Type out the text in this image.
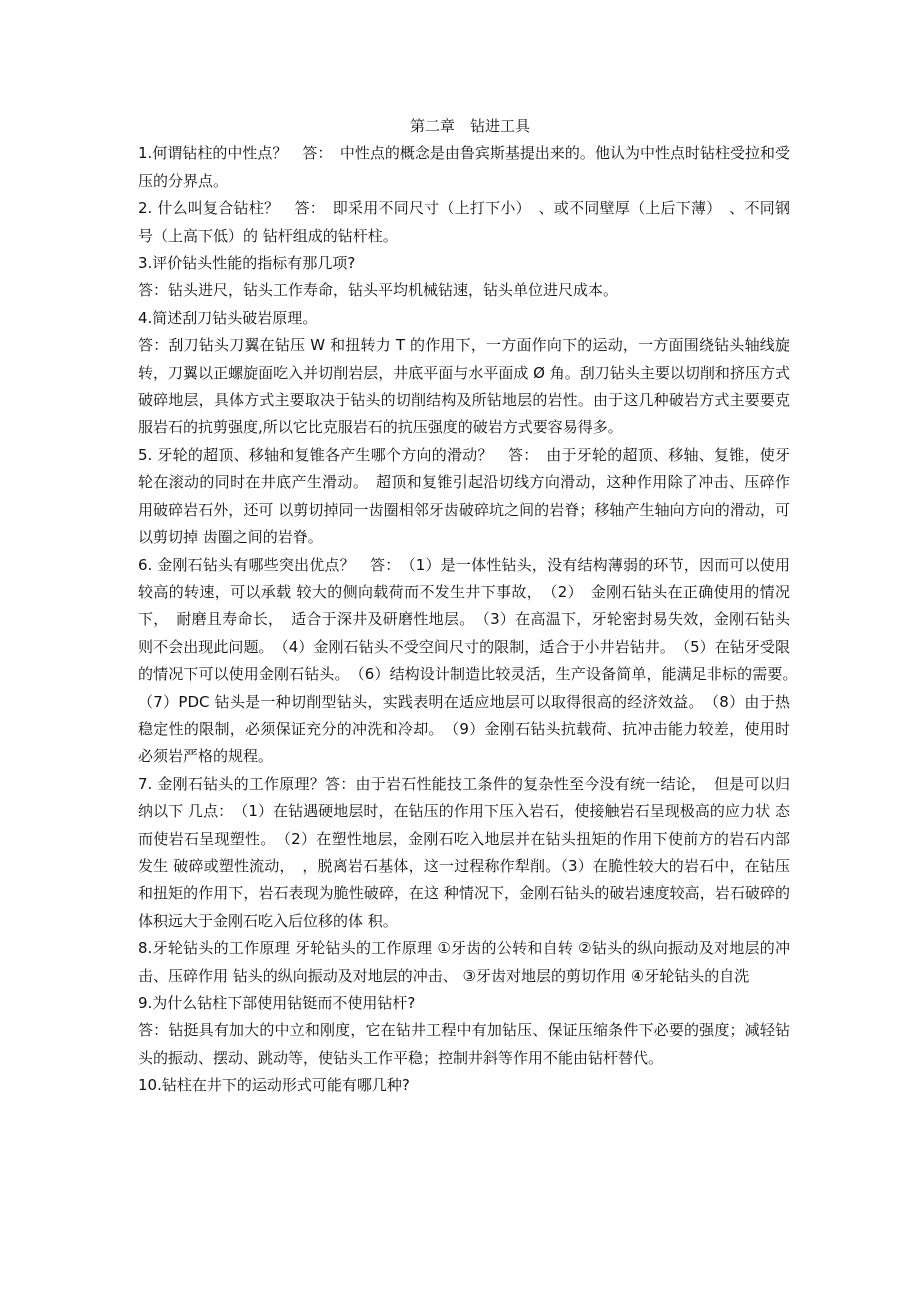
第二章　钻进工具

1.何谓钻柱的中性点？　答：　中性点的概念是由鲁宾斯基提出来的。他认为中性点时钻柱受拉和受压的分界点。

2. 什么叫复合钻柱？　答：　即采用不同尺寸（上打下小）　、或不同壁厚（上后下薄）　、不同钢号（上高下低）的 钻杆组成的钻杆柱。

3.评价钻头性能的指标有那几项?

答：钻头进尺，钻头工作寿命，钻头平均机械钻速，钻头单位进尺成本。

4.简述刮刀钻头破岩原理。

答：刮刀钻头刀翼在钻压 W 和扭转力 T 的作用下，一方面作向下的运动，一方面围绕钻头轴线旋转，刀翼以正螺旋面吃入并切削岩层，井底平面与水平面成 Ø 角。刮刀钻头主要以切削和挤压方式破碎地层，具体方式主要取决于钻头的切削结构及所钻地层的岩性。由于这几种破岩方式主要要克服岩石的抗剪强度,所以它比克服岩石的抗压强度的破岩方式要容易得多。

5. 牙轮的超顶、移轴和复锥各产生哪个方向的滑动？　答：　由于牙轮的超顶、移轴、复锥，使牙轮在滚动的同时在井底产生滑动。　超顶和复锥引起沿切线方向滑动，这种作用除了冲击、压碎作用破碎岩石外，还可 以剪切掉同一齿圈相邻牙齿破碎坑之间的岩脊；移轴产生轴向方向的滑动，可以剪切掉 齿圈之间的岩脊。

6. 金刚石钻头有哪些突出优点？　答：　（1）是一体性钻头，没有结构薄弱的环节，因而可以使用较高的转速，可以承载 较大的侧向载荷而不发生井下事故，　（2）　金刚石钻头在正确使用的情况下，　耐磨且寿命长，　适合于深井及研磨性地层。　（3）在高温下，牙轮密封易失效，金刚石钻头则不会出现此问题。　（4）金刚石钻头不受空间尺寸的限制，适合于小井岩钻井。　（5）在钻牙受限的情况下可以使用金刚石钻头。　（6）结构设计制造比较灵活，生产设备简单，能满足非标的需要。　（7）PDC 钻头是一种切削型钻头，实践表明在适应地层可以取得很高的经济效益。　（8）由于热稳定性的限制，必须保证充分的冲洗和冷却。　（9）金刚石钻头抗载荷、抗冲击能力较差，使用时必须岩严格的规程。

7. 金刚石钻头的工作原理？答：由于岩石性能技工条件的复杂性至今没有统一结论，　但是可以归纳以下 几点：　（1）在钻遇硬地层时，在钻压的作用下压入岩石，使接触岩石呈现极高的应力状 态而使岩石呈现塑性。　（2）在塑性地层，金刚石吃入地层并在钻头扭矩的作用下使前方的岩石内部发生 破碎或塑性流动，　，脱离岩石基体，这一过程称作犁削。（3）在脆性较大的岩石中，在钻压和扭矩的作用下，岩石表现为脆性破碎，在这 种情况下，金刚石钻头的破岩速度较高，岩石破碎的体积远大于金刚石吃入后位移的体 积。

8.牙轮钻头的工作原理 牙轮钻头的工作原理 ①牙齿的公转和自转 ②钻头的纵向振动及对地层的冲击、压碎作用 钻头的纵向振动及对地层的冲击、 ③牙齿对地层的剪切作用 ④牙轮钻头的自洗

9.为什么钻柱下部使用钻铤而不使用钻杆?

答：钻挺具有加大的中立和刚度，它在钻井工程中有加钻压、保证压缩条件下必要的强度；减轻钻头的振动、摆动、跳动等，使钻头工作平稳；控制井斜等作用不能由钻杆替代。

10.钻柱在井下的运动形式可能有哪几种?
